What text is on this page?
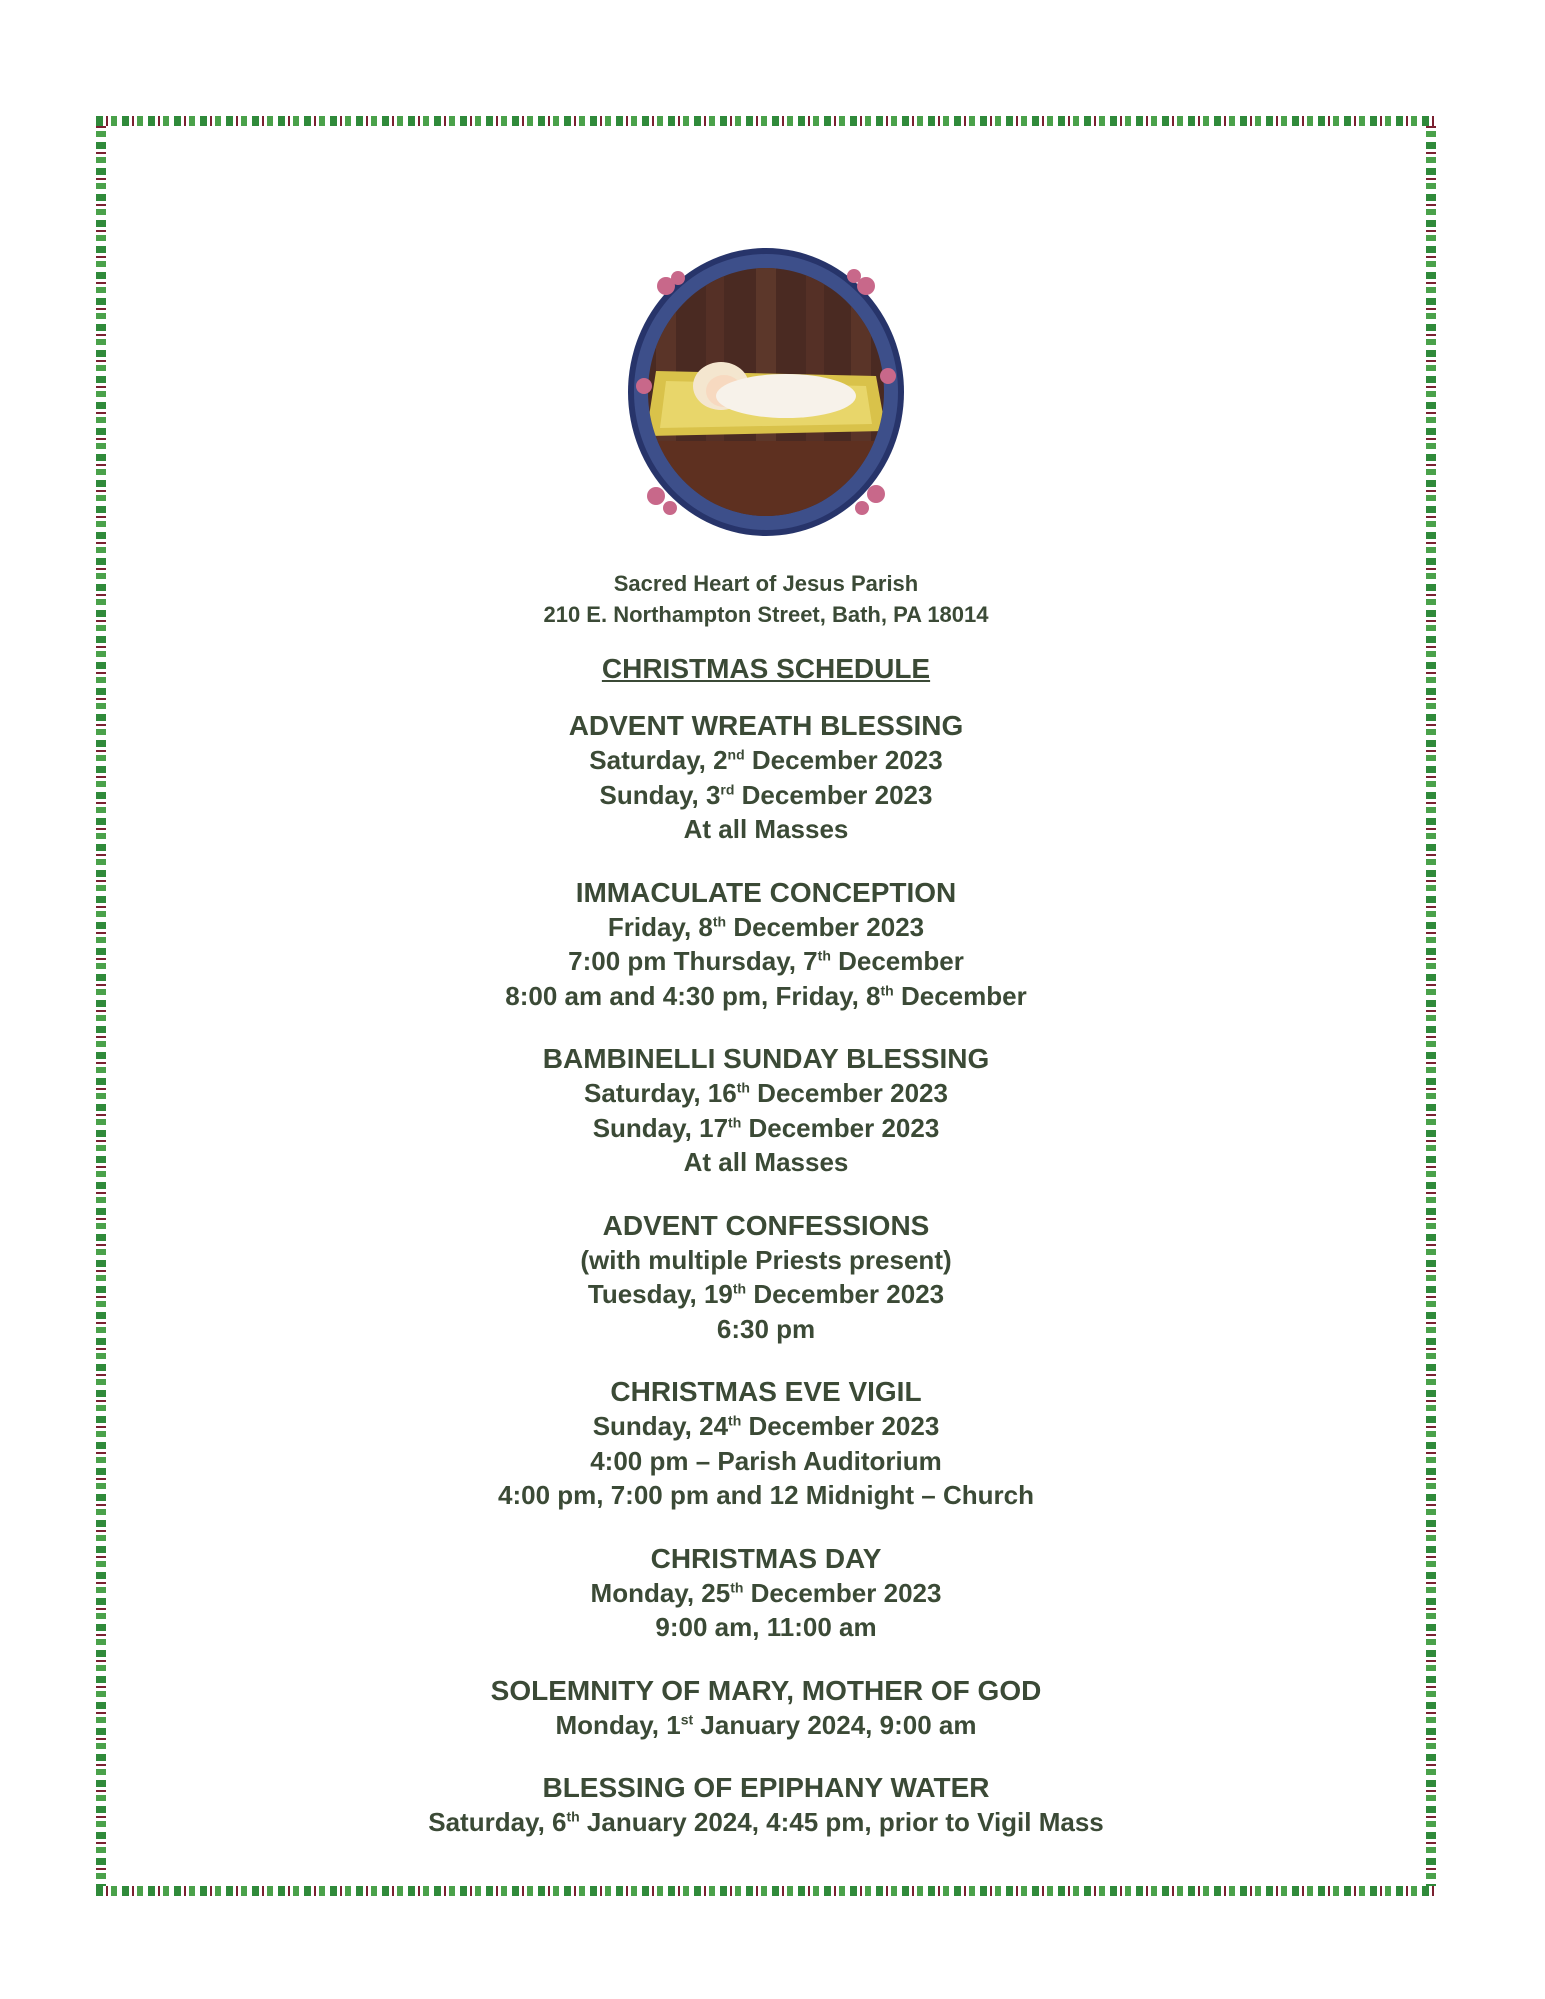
Sacred Heart of Jesus Parish

210 E. Northampton Street, Bath, PA 18014

CHRISTMAS SCHEDULE

ADVENT WREATH BLESSING

Saturday, 2nd December 2023

Sunday, 3rd December 2023

At all Masses

IMMACULATE CONCEPTION

Friday, 8th December 2023

7:00 pm Thursday, 7th December

8:00 am and 4:30 pm, Friday, 8th December

BAMBINELLI SUNDAY BLESSING

Saturday, 16th December 2023

Sunday, 17th December 2023

At all Masses

ADVENT CONFESSIONS

(with multiple Priests present)

Tuesday, 19th December 2023

6:30 pm

CHRISTMAS EVE VIGIL

Sunday, 24th December 2023

4:00 pm – Parish Auditorium

4:00 pm, 7:00 pm and 12 Midnight – Church

CHRISTMAS DAY

Monday, 25th December 2023

9:00 am, 11:00 am

SOLEMNITY OF MARY, MOTHER OF GOD

Monday, 1st January 2024, 9:00 am

BLESSING OF EPIPHANY WATER

Saturday, 6th January 2024, 4:45 pm, prior to Vigil Mass
